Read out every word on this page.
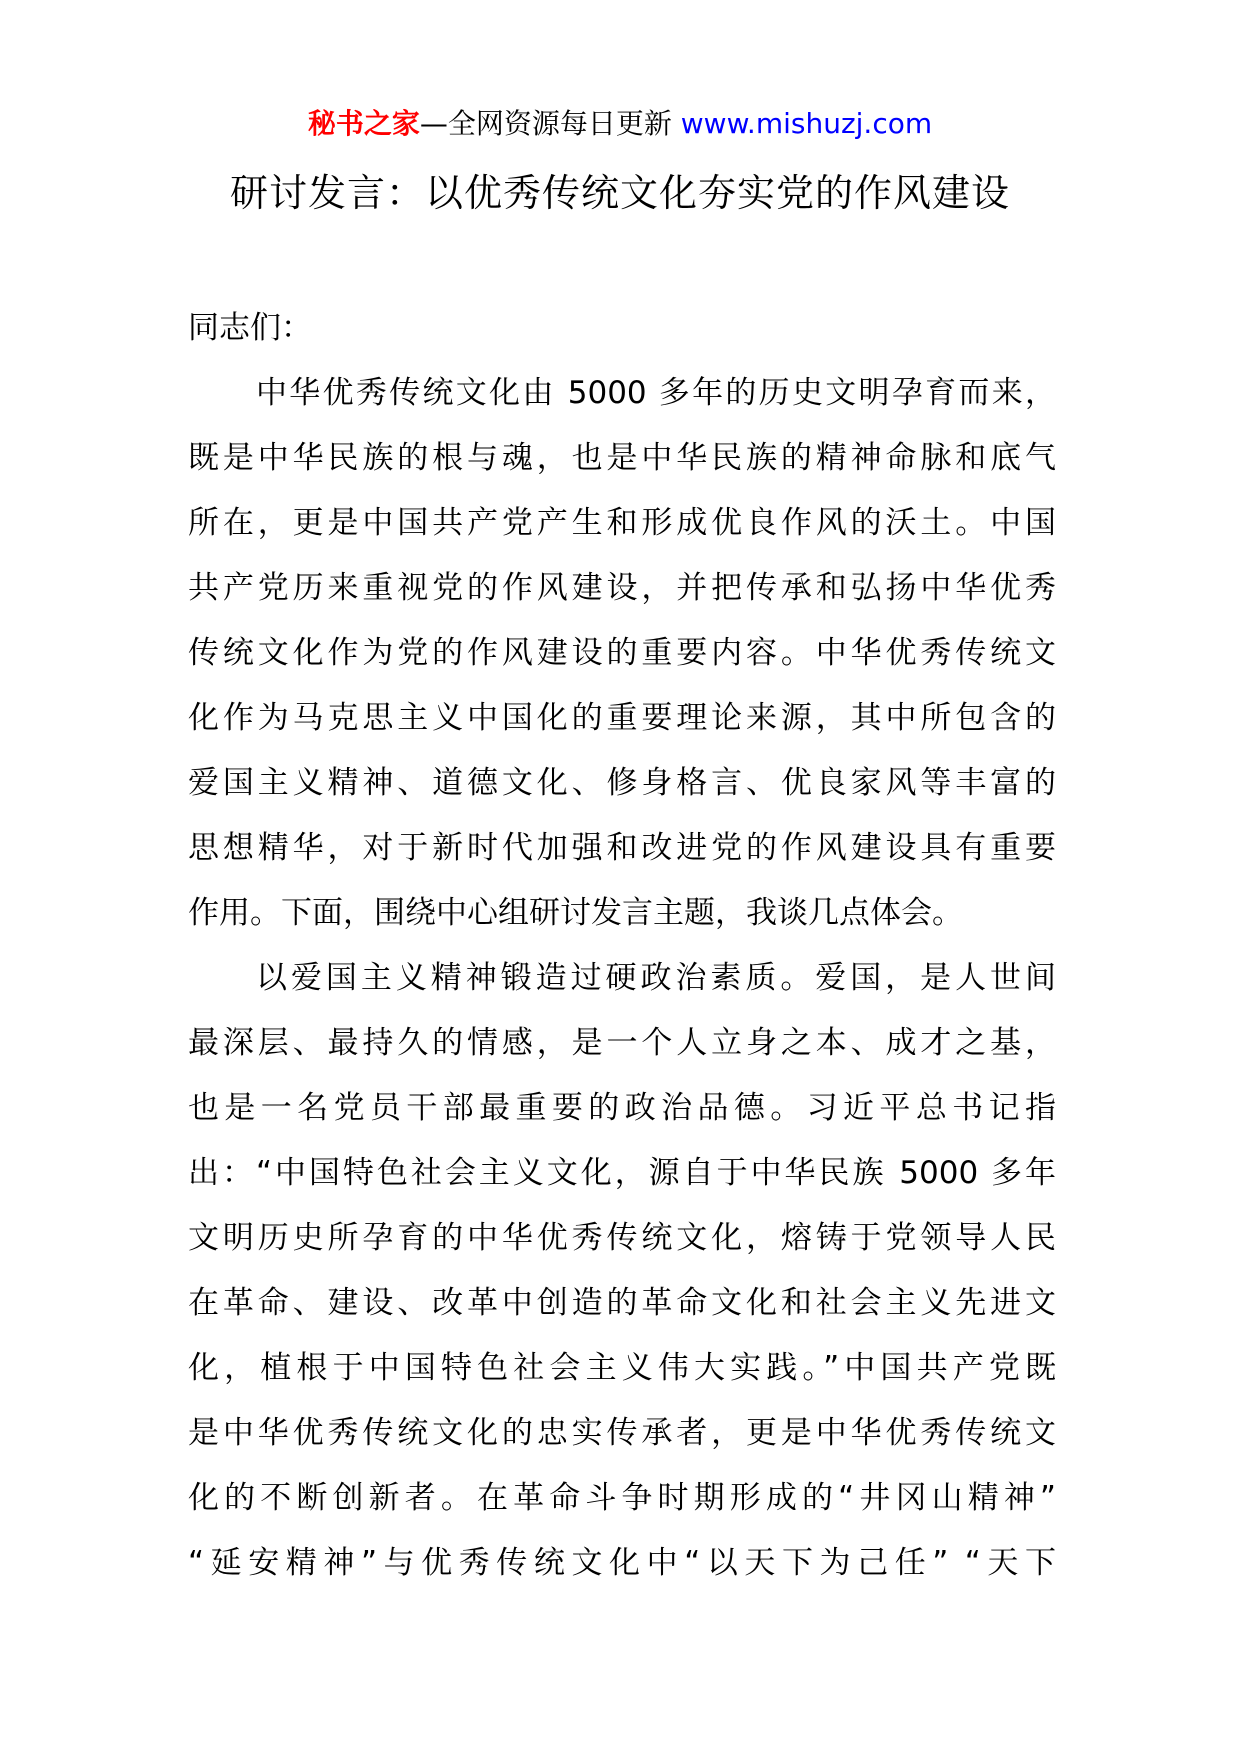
秘书之家—全网资源每日更新 www.mishuzj.com
研讨发言：以优秀传统文化夯实党的作风建设
同志们：
中华优秀传统文化由 5000 多年的历史文明孕育而来，
既是中华民族的根与魂，也是中华民族的精神命脉和底气
所在，更是中国共产党产生和形成优良作风的沃土。中国
共产党历来重视党的作风建设，并把传承和弘扬中华优秀
传统文化作为党的作风建设的重要内容。中华优秀传统文
化作为马克思主义中国化的重要理论来源，其中所包含的
爱国主义精神、道德文化、修身格言、优良家风等丰富的
思想精华，对于新时代加强和改进党的作风建设具有重要
作用。下面，围绕中心组研讨发言主题，我谈几点体会。
以爱国主义精神锻造过硬政治素质。爱国，是人世间
最深层、最持久的情感，是一个人立身之本、成才之基，
也是一名党员干部最重要的政治品德。习近平总书记指
出：“中国特色社会主义文化，源自于中华民族 5000 多年
文明历史所孕育的中华优秀传统文化，熔铸于党领导人民
在革命、建设、改革中创造的革命文化和社会主义先进文
化，植根于中国特色社会主义伟大实践。”中国共产党既
是中华优秀传统文化的忠实传承者，更是中华优秀传统文
化的不断创新者。在革命斗争时期形成的“井冈山精神”
“延安精神”与优秀传统文化中“以天下为己任” “天下
